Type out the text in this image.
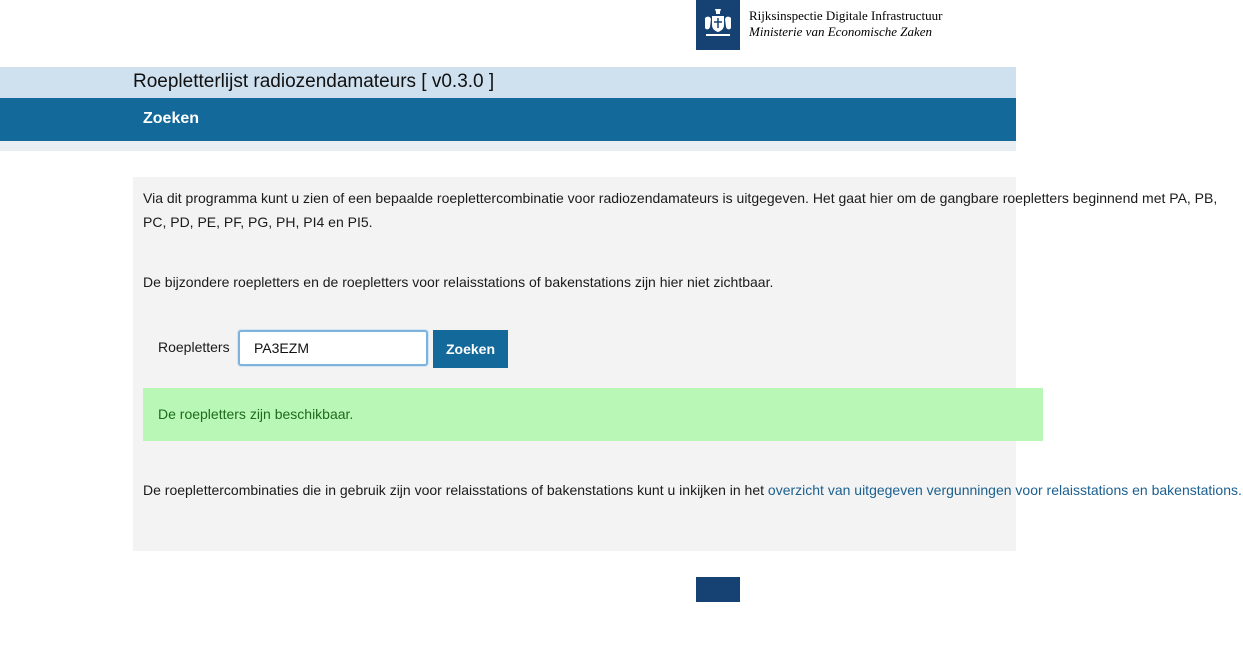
Rijksinspectie Digitale Infrastructuur
Ministerie van Economische Zaken
Roepletterlijst radiozendamateurs [ v0.3.0 ]
Zoeken
Via dit programma kunt u zien of een bepaalde roeplettercombinatie voor radiozendamateurs is uitgegeven. Het gaat hier om de gangbare roepletters beginnend met PA, PB, PC, PD, PE, PF, PG, PH, PI4 en PI5.
De bijzondere roepletters en de roepletters voor relaisstations of bakenstations zijn hier niet zichtbaar.
Roepletters
PA3EZM	Zoeken
De roepletters zijn beschikbaar.
De roeplettercombinaties die in gebruik zijn voor relaisstations of bakenstations kunt u inkijken in het overzicht van uitgegeven vergunningen voor relaisstations en bakenstations.
